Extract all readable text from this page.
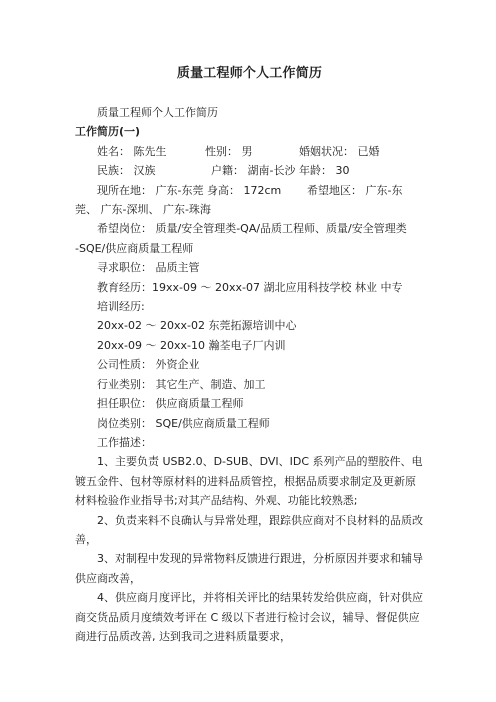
质量工程师个人工作简历
质量工程师个人工作简历
工作简历(一)
姓名： 陈先生	性别： 男	婚姻状况： 已婚
民族： 汉族	户籍： 湖南-长沙 年龄： 30
现所在地： 广东-东莞 身高： 172cm 希望地区： 广东-东
莞、 广东-深圳、 广东-珠海
希望岗位： 质量/安全管理类-QA/品质工程师、质量/安全管理类
-SQE/供应商质量工程师
寻求职位： 品质主管
教育经历：19xx-09 ～ 20xx-07 湖北应用科技学校 林业 中专
培训经历:
20xx-02 ～ 20xx-02 东莞拓源培训中心
20xx-09 ～ 20xx-10 瀚荃电子厂内训
公司性质： 外资企业
行业类别： 其它生产、制造、加工
担任职位： 供应商质量工程师
岗位类别： SQE/供应商质量工程师
工作描述：
1、主要负责 USB2.0、D-SUB、DVI、IDC 系列产品的塑胶件、电镀五金件、包材等原材料的进料品质管控，根据品质要求制定及更新原材料检验作业指导书;对其产品结构、外观、功能比较熟悉;
2、负责来料不良确认与异常处理，跟踪供应商对不良材料的品质改善，
3、对制程中发现的异常物料反馈进行跟进，分析原因并要求和辅导供应商改善，
4、供应商月度评比，并将相关评比的结果转发给供应商，针对供应商交货品质月度绩效考评在 C 级以下者进行检讨会议，辅导、督促供应商进行品质改善, 达到我司之进料质量要求，
